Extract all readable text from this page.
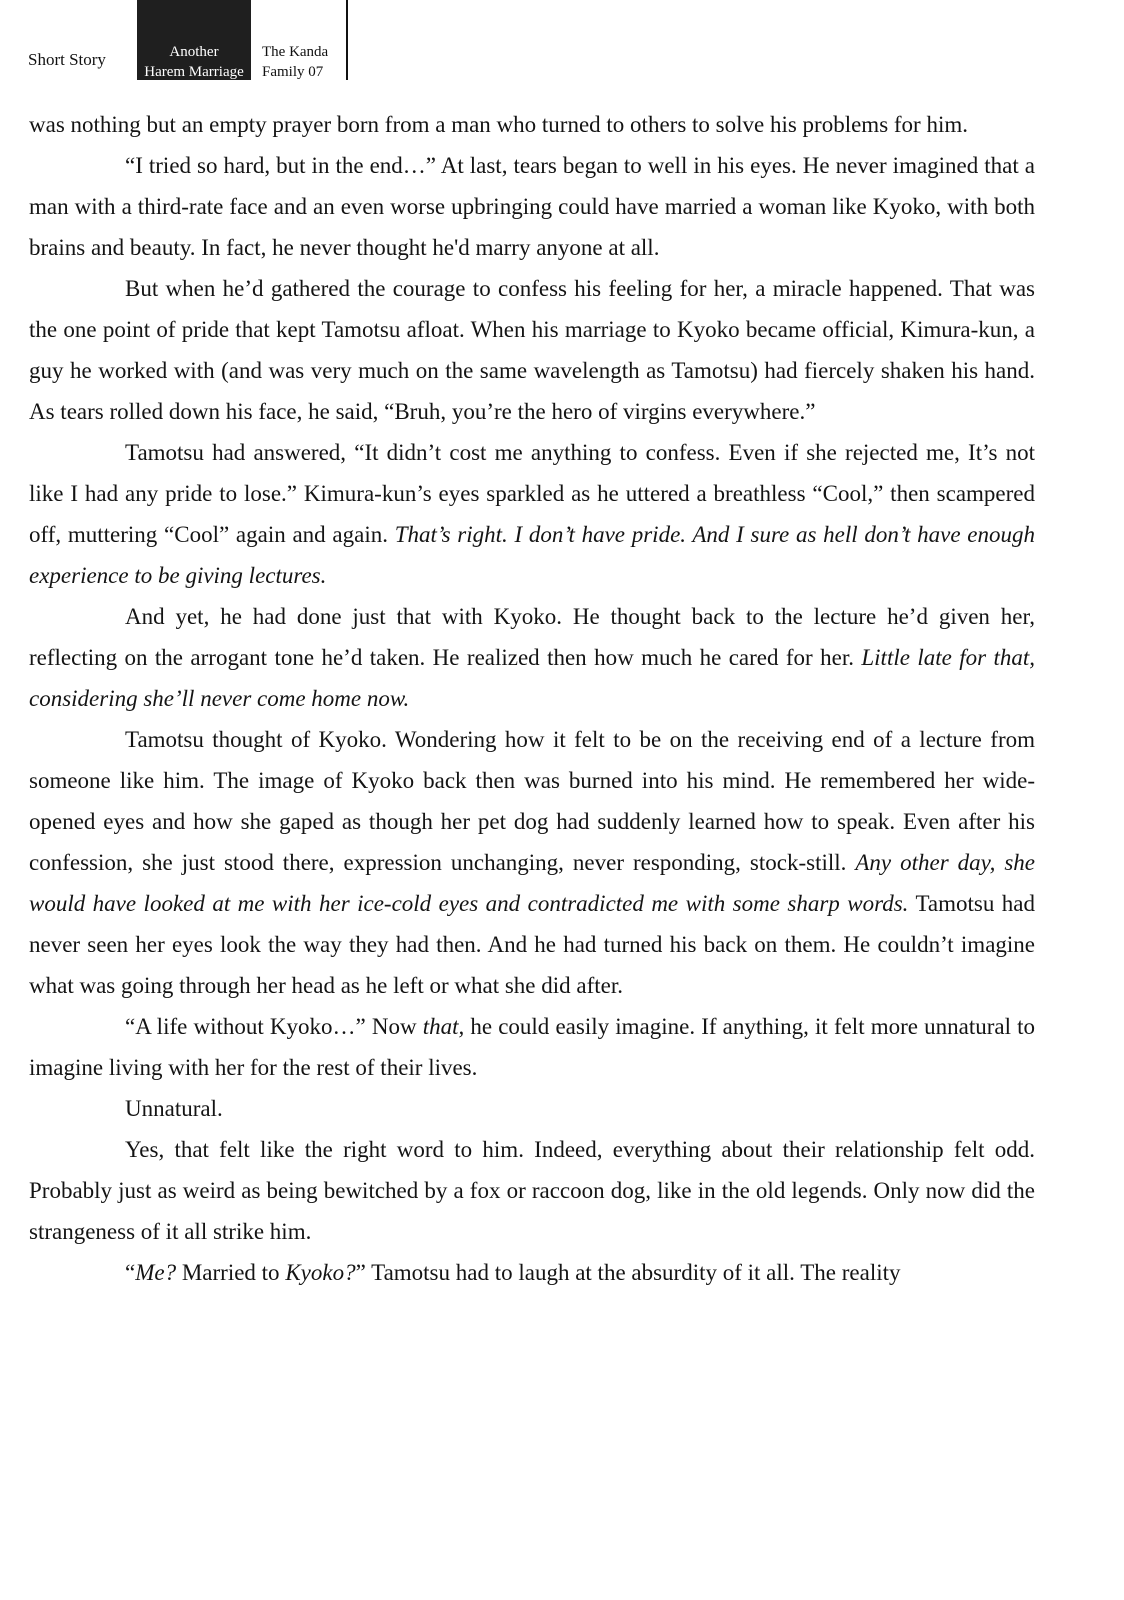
Short Story	Another
Harem Marriage
The Kanda
Family 07

was nothing but an empty prayer born from a man who turned to others to solve his problems for him.

“I tried so hard, but in the end…” At last, tears began to well in his eyes. He never imagined that a man with a third-rate face and an even worse upbringing could have married a woman like Kyoko, with both brains and beauty. In fact, he never thought he'd marry anyone at all.

But when he’d gathered the courage to confess his feeling for her, a miracle happened. That was the one point of pride that kept Tamotsu afloat. When his marriage to Kyoko became official, Kimura-kun, a guy he worked with (and was very much on the same wavelength as Tamotsu) had fiercely shaken his hand. As tears rolled down his face, he said, “Bruh, you’re the hero of virgins everywhere.”

Tamotsu had answered, “It didn’t cost me anything to confess. Even if she rejected me, It’s not like I had any pride to lose.” Kimura-kun’s eyes sparkled as he uttered a breathless “Cool,” then scampered off, muttering “Cool” again and again. That’s right. I don’t have pride. And I sure as hell don’t have enough experience to be giving lectures.

And yet, he had done just that with Kyoko. He thought back to the lecture he’d given her, reflecting on the arrogant tone he’d taken. He realized then how much he cared for her. Little late for that, considering she’ll never come home now.

Tamotsu thought of Kyoko. Wondering how it felt to be on the receiving end of a lecture from someone like him. The image of Kyoko back then was burned into his mind. He remembered her wide-opened eyes and how she gaped as though her pet dog had suddenly learned how to speak. Even after his confession, she just stood there, expression unchanging, never responding, stock-still. Any other day, she would have looked at me with her ice-cold eyes and contradicted me with some sharp words. Tamotsu had never seen her eyes look the way they had then. And he had turned his back on them. He couldn’t imagine what was going through her head as he left or what she did after.

“A life without Kyoko…” Now that, he could easily imagine. If anything, it felt more unnatural to imagine living with her for the rest of their lives.

Unnatural.

Yes, that felt like the right word to him. Indeed, everything about their relationship felt odd. Probably just as weird as being bewitched by a fox or raccoon dog, like in the old legends. Only now did the strangeness of it all strike him.

“Me? Married to Kyoko?” Tamotsu had to laugh at the absurdity of it all. The reality
